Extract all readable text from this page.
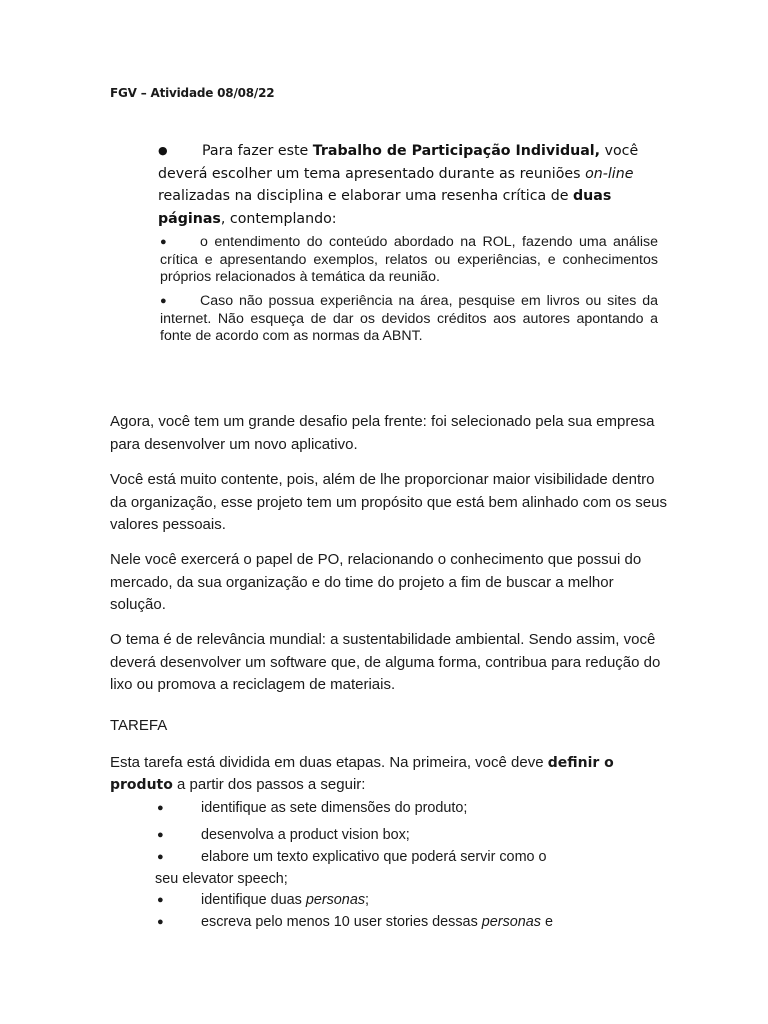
FGV – Atividade 08/08/22
● Para fazer este Trabalho de Participação Individual, você deverá escolher um tema apresentado durante as reuniões on-line realizadas na disciplina e elaborar uma resenha crítica de duas páginas, contemplando:
● o entendimento do conteúdo abordado na ROL, fazendo uma análise crítica e apresentando exemplos, relatos ou experiências, e conhecimentos próprios relacionados à temática da reunião.
● Caso não possua experiência na área, pesquise em livros ou sites da internet. Não esqueça de dar os devidos créditos aos autores apontando a fonte de acordo com as normas da ABNT.
Agora, você tem um grande desafio pela frente: foi selecionado pela sua empresa para desenvolver um novo aplicativo.
Você está muito contente, pois, além de lhe proporcionar maior visibilidade dentro da organização, esse projeto tem um propósito que está bem alinhado com os seus valores pessoais.
Nele você exercerá o papel de PO, relacionando o conhecimento que possui do mercado, da sua organização e do time do projeto a fim de buscar a melhor solução.
O tema é de relevância mundial: a sustentabilidade ambiental. Sendo assim, você deverá desenvolver um software que, de alguma forma, contribua para redução do lixo ou promova a reciclagem de materiais.
TAREFA
Esta tarefa está dividida em duas etapas. Na primeira, você deve definir o produto a partir dos passos a seguir:
●	identifique as sete dimensões do produto;
●	desenvolva a product vision box;
●	elabore um texto explicativo que poderá servir como o
seu elevator speech;
●	identifique duas personas;
●	escreva pelo menos 10 user stories dessas personas e
